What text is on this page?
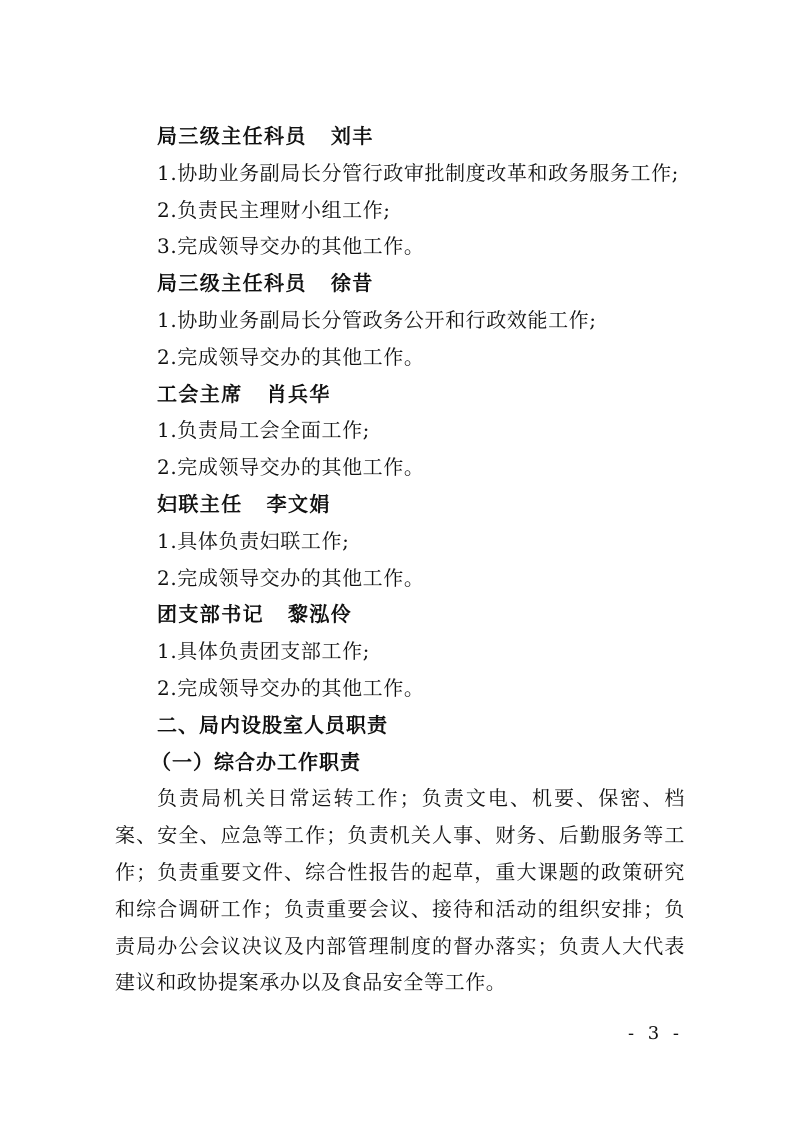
局三级主任科员 刘丰
1.协助业务副局长分管行政审批制度改革和政务服务工作;
2.负责民主理财小组工作;
3.完成领导交办的其他工作。
局三级主任科员 徐昔
1.协助业务副局长分管政务公开和行政效能工作;
2.完成领导交办的其他工作。
工会主席 肖兵华
1.负责局工会全面工作;
2.完成领导交办的其他工作。
妇联主任 李文娟
1.具体负责妇联工作;
2.完成领导交办的其他工作。
团支部书记 黎泓伶
1.具体负责团支部工作;
2.完成领导交办的其他工作。
二、局内设股室人员职责
（一）综合办工作职责
负责局机关日常运转工作；负责文电、机要、保密、档案、安全、应急等工作；负责机关人事、财务、后勤服务等工作；负责重要文件、综合性报告的起草，重大课题的政策研究和综合调研工作；负责重要会议、接待和活动的组织安排；负责局办公会议决议及内部管理制度的督办落实；负责人大代表建议和政协提案承办以及食品安全等工作。
- 3 -
